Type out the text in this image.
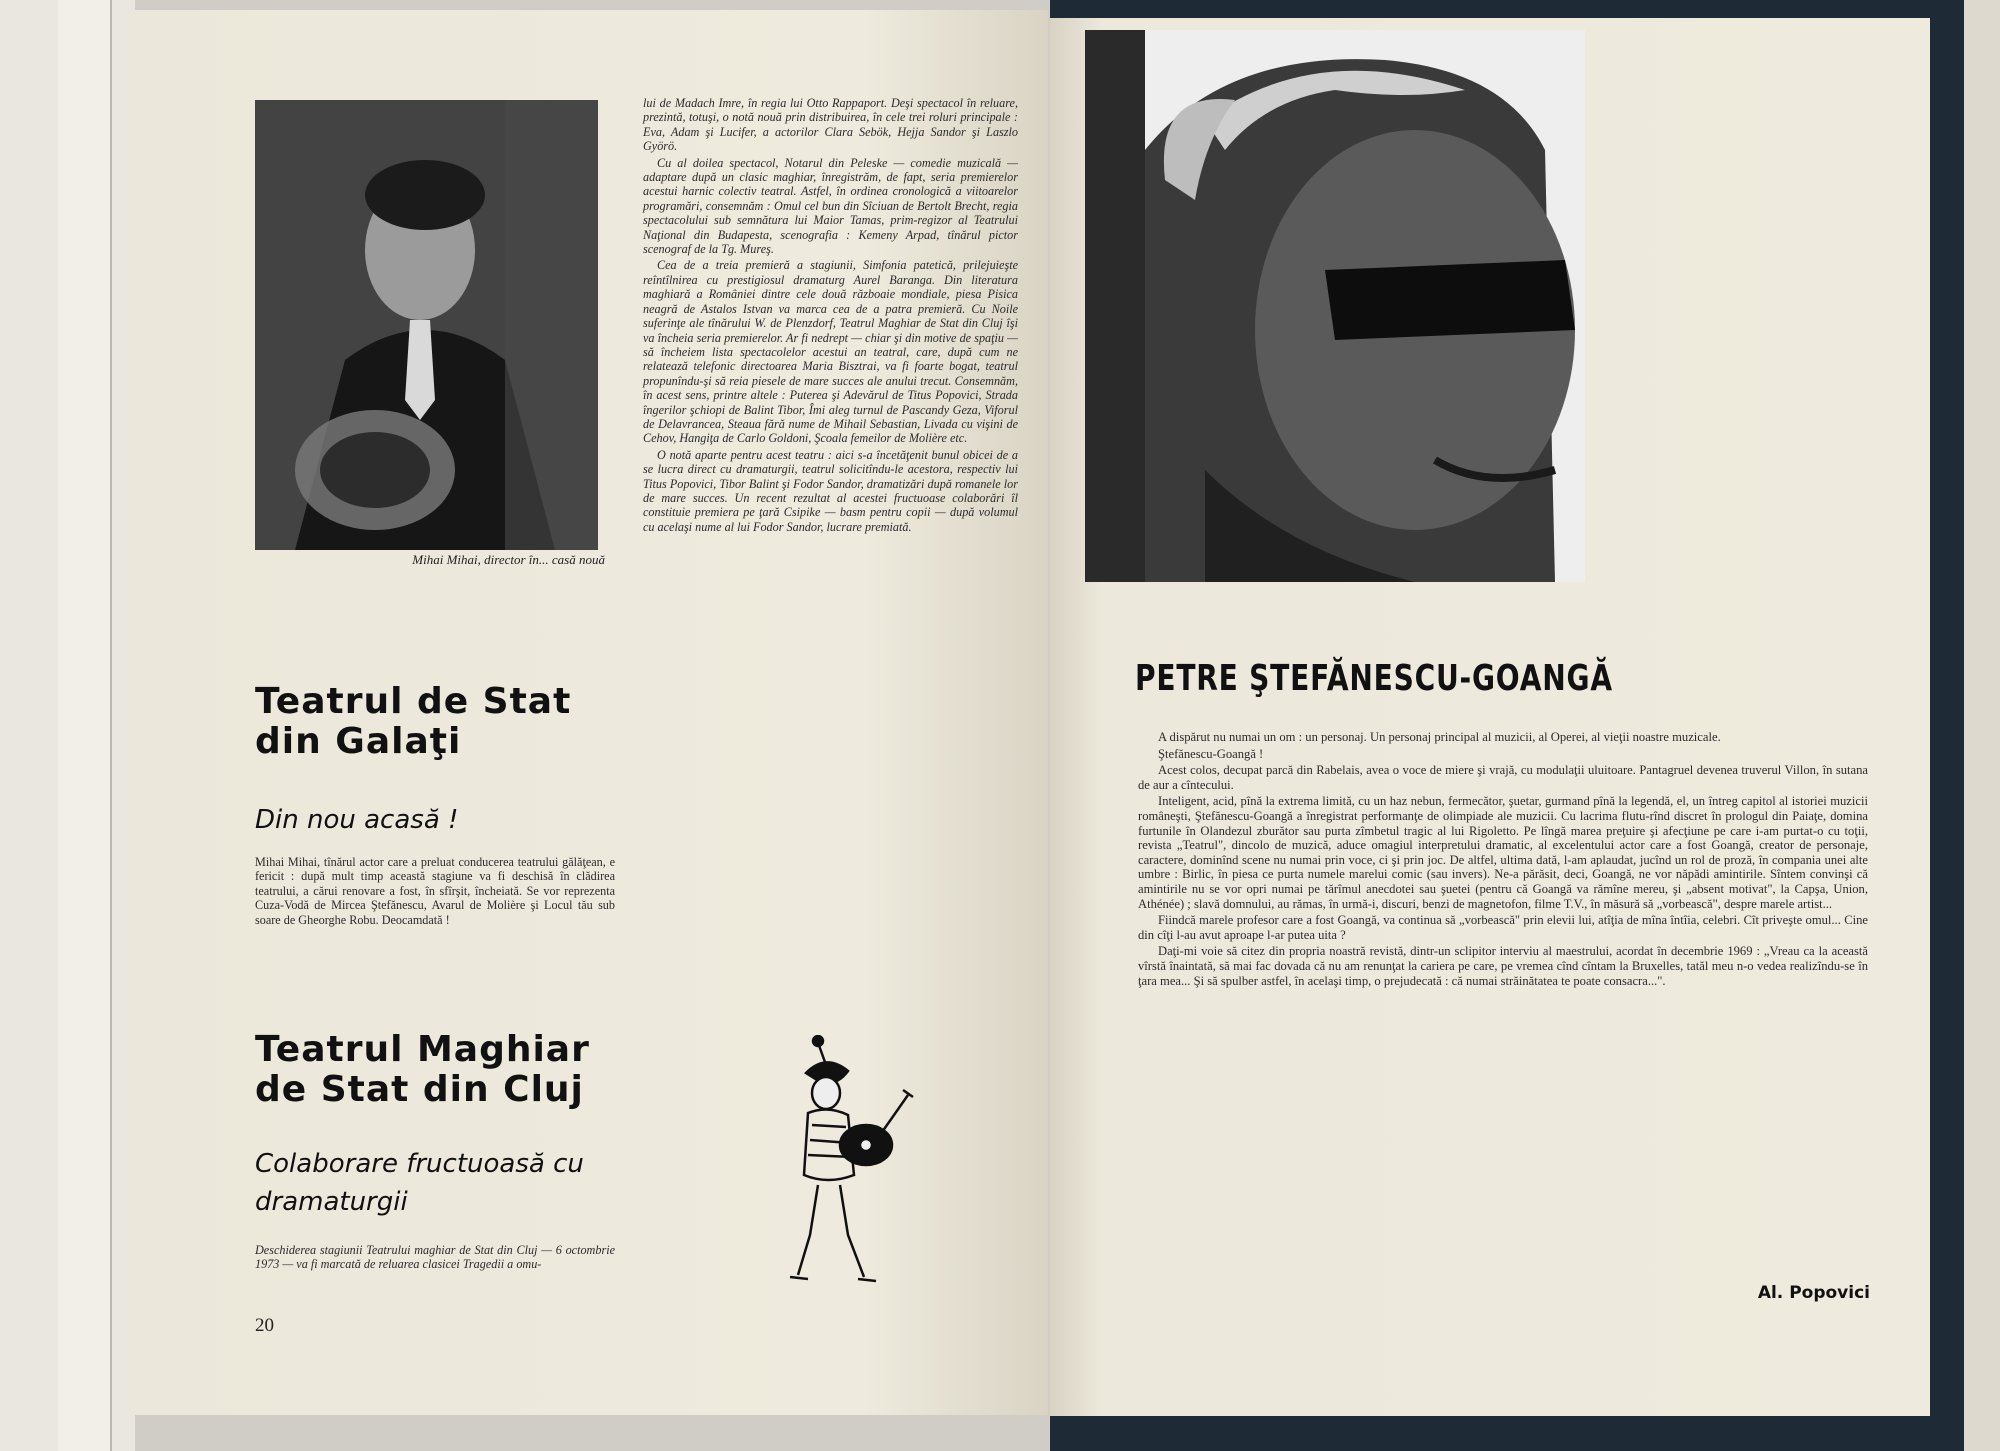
Mihai Mihai, director în... casă nouă
Teatrul de Stat din Galaţi
Din nou acasă !
Mihai Mihai, tînărul actor care a preluat conducerea teatrului gălăţean, e fericit : după mult timp această stagiune va fi deschisă în clădirea teatrului, a cărui renovare a fost, în sfîrşit, încheiată. Se vor reprezenta Cuza-Vodă de Mircea Ştefănescu, Avarul de Molière şi Locul tău sub soare de Gheorghe Robu. Deocamdată !
Teatrul Maghiar de Stat din Cluj
Colaborare fructuoasă cu dramaturgii
Deschiderea stagiunii Teatrului maghiar de Stat din Cluj — 6 octombrie 1973 — va fi marcată de reluarea clasicei Tragedii a omu-

lui de Madach Imre, în regia lui Otto Rappaport. Deşi spectacol în reluare, prezintă, totuşi, o notă nouă prin distribuirea, în cele trei roluri principale : Eva, Adam şi Lucifer, a actorilor Clara Sebök, Hejja Sandor şi Laszlo Györö.

Cu al doilea spectacol, Notarul din Peleske — comedie muzicală — adaptare după un clasic maghiar, înregistrăm, de fapt, seria premierelor acestui harnic colectiv teatral. Astfel, în ordinea cronologică a viitoarelor programări, consemnăm : Omul cel bun din Sîciuan de Bertolt Brecht, regia spectacolului sub semnătura lui Maior Tamas, prim-regizor al Teatrului Naţional din Budapesta, scenografia : Kemeny Arpad, tînărul pictor scenograf de la Tg. Mureş.

Cea de a treia premieră a stagiunii, Simfonia patetică, prilejuieşte reîntîlnirea cu prestigiosul dramaturg Aurel Baranga. Din literatura maghiară a României dintre cele două războaie mondiale, piesa Pisica neagră de Astalos Istvan va marca cea de a patra premieră. Cu Noile suferinţe ale tînărului W. de Plenzdorf, Teatrul Maghiar de Stat din Cluj îşi va încheia seria premierelor. Ar fi nedrept — chiar şi din motive de spaţiu — să încheiem lista spectacolelor acestui an teatral, care, după cum ne relatează telefonic directoarea Maria Bisztrai, va fi foarte bogat, teatrul propunîndu-şi să reia piesele de mare succes ale anului trecut. Consemnăm, în acest sens, printre altele : Puterea şi Adevărul de Titus Popovici, Strada îngerilor şchiopi de Balint Tibor, Îmi aleg turnul de Pascandy Geza, Viforul de Delavrancea, Steaua fără nume de Mihail Sebastian, Livada cu vişini de Cehov, Hangiţa de Carlo Goldoni, Şcoala femeilor de Molière etc.

O notă aparte pentru acest teatru : aici s-a încetăţenit bunul obicei de a se lucra direct cu dramaturgii, teatrul solicitîndu-le acestora, respectiv lui Titus Popovici, Tibor Balint şi Fodor Sandor, dramatizări după romanele lor de mare succes. Un recent rezultat al acestei fructuoase colaborări îl constituie premiera pe ţară Csipike — basm pentru copii — după volumul cu acelaşi nume al lui Fodor Sandor, lucrare premiată.

20
PETRE ŞTEFĂNESCU-GOANGĂ

A dispărut nu numai un om : un personaj. Un personaj principal al muzicii, al Operei, al vieţii noastre muzicale.

Ştefănescu-Goangă !

Acest colos, decupat parcă din Rabelais, avea o voce de miere şi vrajă, cu modulaţii uluitoare. Pantagruel devenea truverul Villon, în sutana de aur a cîntecului.

Inteligent, acid, pînă la extrema limită, cu un haz nebun, fermecător, şuetar, gurmand pînă la legendă, el, un întreg capitol al istoriei muzicii româneşti, Ştefănescu-Goangă a înregistrat performanţe de olimpiade ale muzicii. Cu lacrima flutu-rînd discret în prologul din Paiaţe, domina furtunile în Olandezul zburător sau purta zîmbetul tragic al lui Rigoletto. Pe lîngă marea preţuire şi afecţiune pe care i-am purtat-o cu toţii, revista „Teatrul", dincolo de muzică, aduce omagiul interpretului dramatic, al excelentului actor care a fost Goangă, creator de personaje, caractere, dominînd scene nu numai prin voce, ci şi prin joc. De altfel, ultima dată, l-am aplaudat, jucînd un rol de proză, în compania unei alte umbre : Birlic, în piesa ce purta numele marelui comic (sau invers). Ne-a părăsit, deci, Goangă, ne vor năpădi amintirile. Sîntem convinşi că amintirile nu se vor opri numai pe tărîmul anecdotei sau şuetei (pentru că Goangă va rămîne mereu, şi „absent motivat", la Capşa, Union, Athénée) ; slavă domnului, au rămas, în urmă-i, discuri, benzi de magnetofon, filme T.V., în măsură să „vorbească", despre marele artist...

Fiindcă marele profesor care a fost Goangă, va continua să „vorbească" prin elevii lui, atîţia de mîna întîia, celebri. Cît priveşte omul... Cine din cîţi l-au avut aproape l-ar putea uita ?

Daţi-mi voie să citez din propria noastră revistă, dintr-un sclipitor interviu al maestrului, acordat în decembrie 1969 : „Vreau ca la această vîrstă înaintată, să mai fac dovada că nu am renunţat la cariera pe care, pe vremea cînd cîntam la Bruxelles, tatăl meu n-o vedea realizîndu-se în ţara mea... Şi să spulber astfel, în acelaşi timp, o prejudecată : că numai străinătatea te poate consacra...".

Al. Popovici
